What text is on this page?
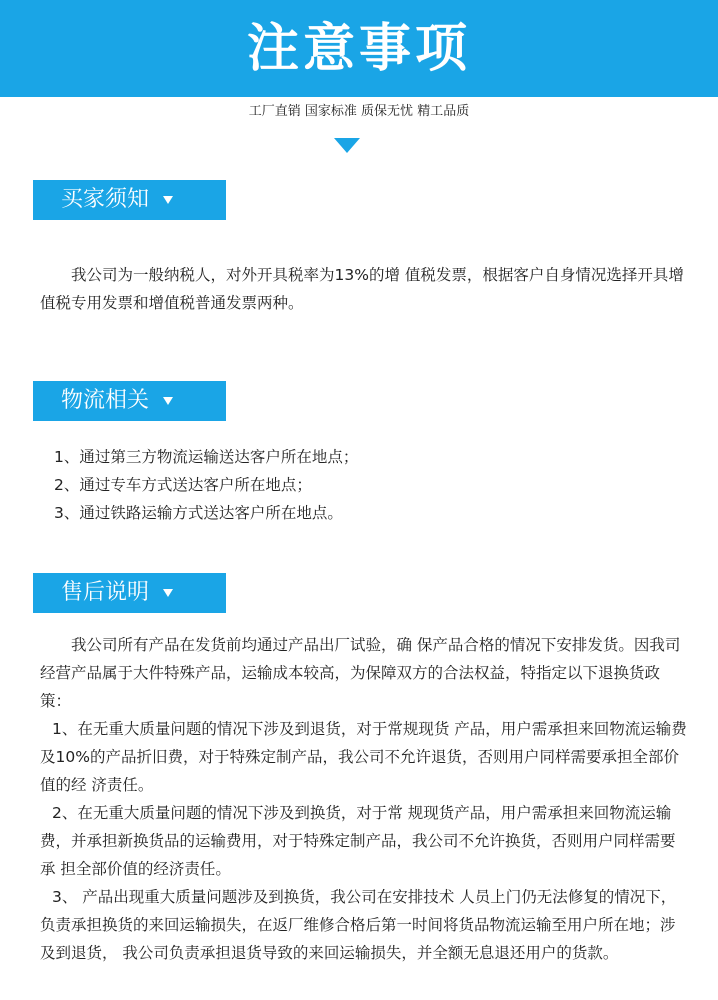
注意事项
工厂直销 国家标准 质保无忧 精工品质
买家须知

我公司为一般纳税人，对外开具税率为13%的增 值税发票，根据客户自身情况选择开具增值税专用发票和增值税普通发票两种。

物流相关

1、通过第三方物流运输送达客户所在地点；

2、通过专车方式送达客户所在地点；

3、通过铁路运输方式送达客户所在地点。

售后说明

我公司所有产品在发货前均通过产品出厂试验，确 保产品合格的情况下安排发货。因我司经营产品属于大件特殊产品，运输成本较高，为保障双方的合法权益，特指定以下退换货政策：

1、在无重大质量问题的情况下涉及到退货，对于常规现货 产品，用户需承担来回物流运输费及10%的产品折旧费，对于特殊定制产品，我公司不允许退货，否则用户同样需要承担全部价值的经 济责任。

2、在无重大质量问题的情况下涉及到换货，对于常 规现货产品，用户需承担来回物流运输费，并承担新换货品的运输费用，对于特殊定制产品，我公司不允许换货，否则用户同样需要承 担全部价值的经济责任。

3、 产品出现重大质量问题涉及到换货，我公司在安排技术 人员上门仍无法修复的情况下，负责承担换货的来回运输损失，在返厂维修合格后第一时间将货品物流运输至用户所在地；涉及到退货， 我公司负责承担退货导致的来回运输损失，并全额无息退还用户的货款。
